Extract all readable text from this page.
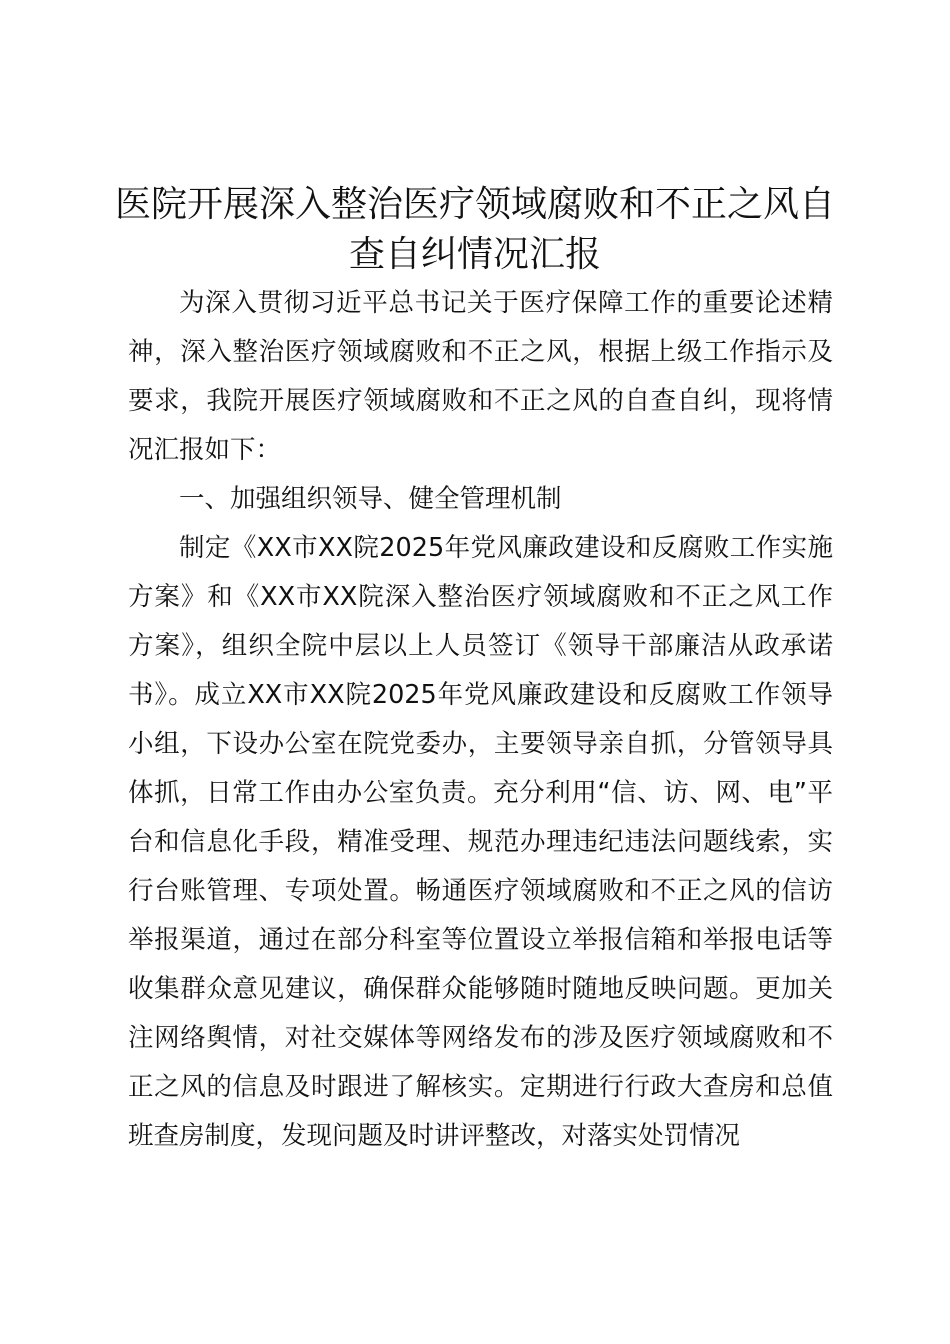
医院开展深入整治医疗领域腐败和不正之风自查自纠情况汇报

为深入贯彻习近平总书记关于医疗保障工作的重要论述精神，深入整治医疗领域腐败和不正之风，根据上级工作指示及要求，我院开展医疗领域腐败和不正之风的自查自纠，现将情况汇报如下：

一、加强组织领导、健全管理机制

制定《XX市XX院2025年党风廉政建设和反腐败工作实施方案》和《XX市XX院深入整治医疗领域腐败和不正之风工作方案》，组织全院中层以上人员签订《领导干部廉洁从政承诺书》。成立XX市XX院2025年党风廉政建设和反腐败工作领导小组，下设办公室在院党委办，主要领导亲自抓，分管领导具体抓，日常工作由办公室负责。充分利用“信、访、网、电”平台和信息化手段，精准受理、规范办理违纪违法问题线索，实行台账管理、专项处置。畅通医疗领域腐败和不正之风的信访举报渠道，通过在部分科室等位置设立举报信箱和举报电话等收集群众意见建议，确保群众能够随时随地反映问题。更加关注网络舆情，对社交媒体等网络发布的涉及医疗领域腐败和不正之风的信息及时跟进了解核实。定期进行行政大查房和总值班查房制度，发现问题及时讲评整改，对落实处罚情况
